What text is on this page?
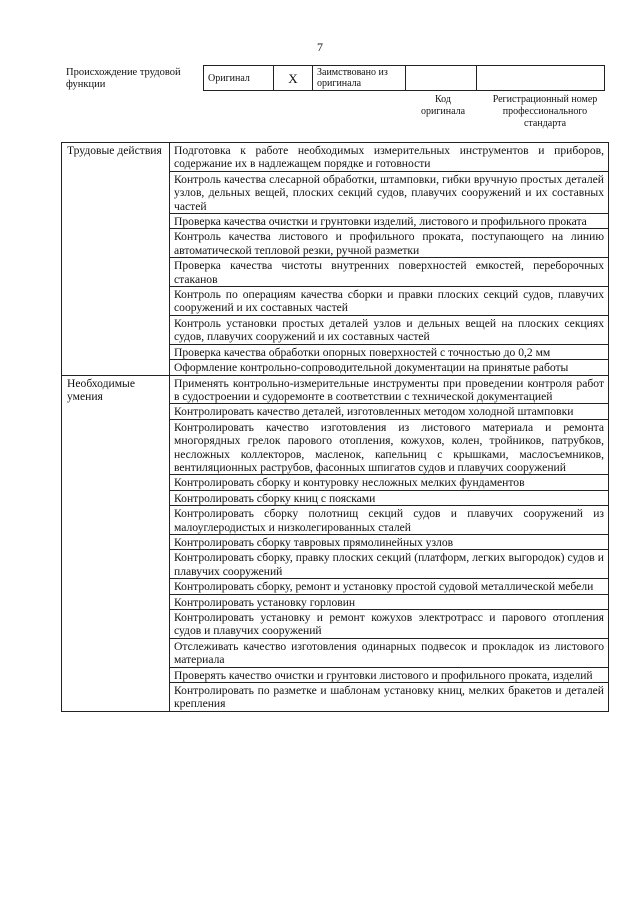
7
Происхождение трудовой функции
Оригинал	X	Заимствовано из оригинала		
Код оригинала
Регистрационный номер профессионального стандарта
Трудовые действия	Подготовка к работе необходимых измерительных инструментов и приборов, содержание их в надлежащем порядке и готовности
	Контроль качества слесарной обработки, штамповки, гибки вручную простых деталей узлов, дельных вещей, плоских секций судов, плавучих сооружений и их составных частей
	Проверка качества очистки и грунтовки изделий, листового и профильного проката
	Контроль качества листового и профильного проката, поступающего на линию автоматической тепловой резки, ручной разметки
	Проверка качества чистоты внутренних поверхностей емкостей, переборочных стаканов
	Контроль по операциям качества сборки и правки плоских секций судов, плавучих сооружений и их составных частей
	Контроль установки простых деталей узлов и дельных вещей на плоских секциях судов, плавучих сооружений и их составных частей
	Проверка качества обработки опорных поверхностей с точностью до 0,2 мм
	Оформление контрольно-сопроводительной документации на принятые работы
Необходимые умения	Применять контрольно-измерительные инструменты при проведении контроля работ в судостроении и судоремонте в соответствии с технической документацией
	Контролировать качество деталей, изготовленных методом холодной штамповки
	Контролировать качество изготовления из листового материала и ремонта многорядных грелок парового отопления, кожухов, колен, тройников, патрубков, несложных коллекторов, масленок, капельниц с крышками, маслосъемников, вентиляционных раструбов, фасонных шпигатов судов и плавучих сооружений
	Контролировать сборку и контуровку несложных мелких фундаментов
	Контролировать сборку книц с поясками
	Контролировать сборку полотнищ секций судов и плавучих сооружений из малоуглеродистых и низколегированных сталей
	Контролировать сборку тавровых прямолинейных узлов
	Контролировать сборку, правку плоских секций (платформ, легких выгородок) судов и плавучих сооружений
	Контролировать сборку, ремонт и установку простой судовой металлической мебели
	Контролировать установку горловин
	Контролировать установку и ремонт кожухов электротрасс и парового отопления судов и плавучих сооружений
	Отслеживать качество изготовления одинарных подвесок и прокладок из листового материала
	Проверять качество очистки и грунтовки листового и профильного проката, изделий
	Контролировать по разметке и шаблонам установку книц, мелких бракетов и деталей крепления
